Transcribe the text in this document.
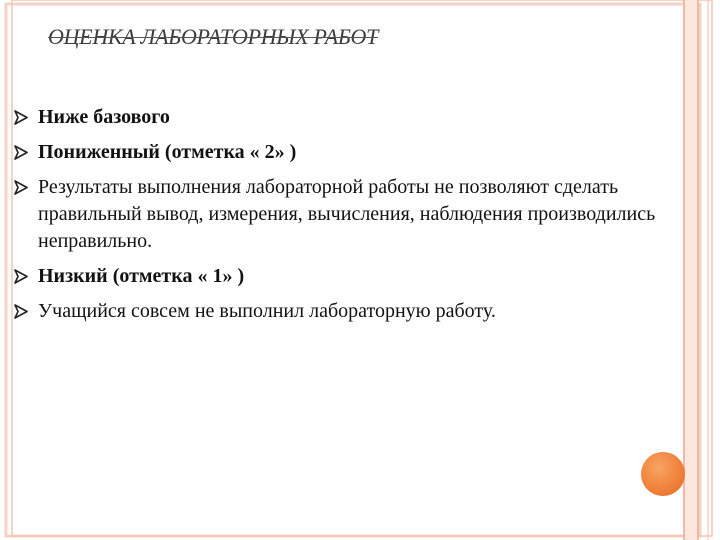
ОЦЕНКА ЛАБОРАТОРНЫХ РАБОТ
Ниже базового
Пониженный (отметка « 2» )
Результаты выполнения лабораторной работы не позволяют сделать правильный вывод, измерения, вычисления, наблюдения производились неправильно.
Низкий (отметка « 1» )
Учащийся совсем не выполнил лабораторную работу.
